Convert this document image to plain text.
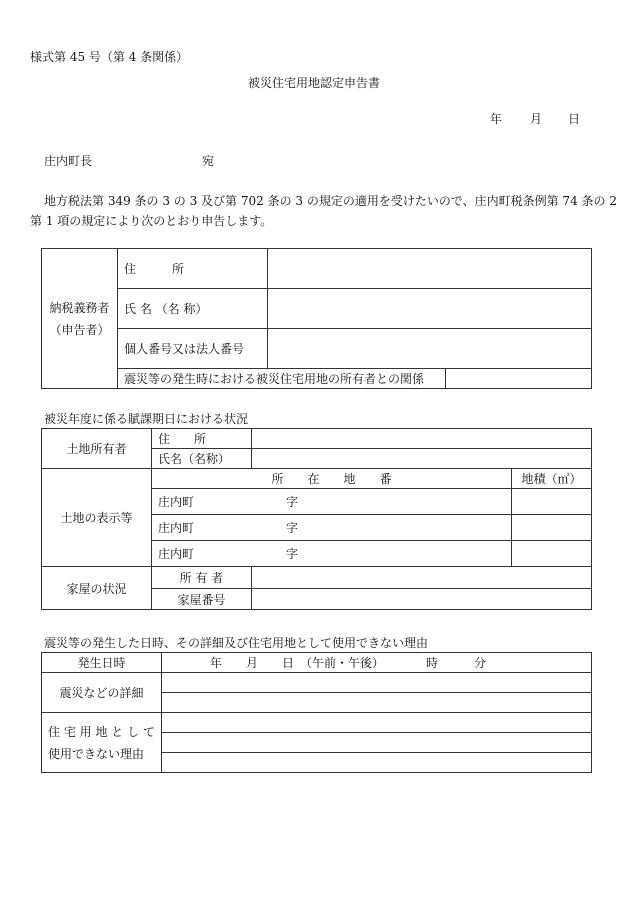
様式第 45 号（第 4 条関係）
被災住宅用地認定申告書
年 月 日
庄内町長	宛
地方税法第 349 条の 3 の 3 及び第 702 条の 3 の規定の適用を受けたいので、庄内町税条例第 74 条の 2
第 1 項の規定により次のとおり申告します。
納税義務者
（申告者）	住　　　所		
	氏 名 （名 称）		
	個人番号又は法人番号		
	震災等の発生時における被災住宅用地の所有者との関係		
被災年度に係る賦課期日における状況
土地所有者	住　　所		
	氏名（名称）		
土地の表示等	所　　在　　地　　番		地積（㎡）
	庄内町 字		
	庄内町 字		
	庄内町 字		
家屋の状況	所 有 者		
	家屋番号		
震災等の発生した日時、その詳細及び住宅用地として使用できない理由
発生日時	年　　月　　日　（午前・午後）　　　　時　　　分
震災などの詳細	

住 宅 用 地 と し て 使用できない理由	
